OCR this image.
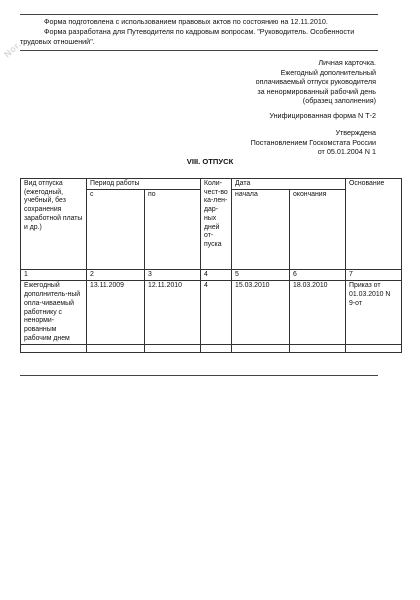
Nor...

Форма подготовлена с использованием правовых актов по состоянию на 12.11.2010.

Форма разработана для Путеводителя по кадровым вопросам. "Руководитель. Особенности трудовых отношений".

Личная карточка.
Ежегодный дополнительный
оплачиваемый отпуск руководителя
за ненормированный рабочий день
(образец заполнения)
Унифицированная форма N Т-2
Утверждена
Постановлением Госкомстата России
от 05.01.2004 N 1
VIII. ОТПУСК
Вид отпуска (ежегодный, учебный, без сохранения заработной платы и др.)	Период работы		Коли-чест-во ка-лен-дар-ных дней от-пуска	Дата		Основание
	с	по		начала	окончания	
1	2	3	4	5	6	7
Ежегодный дополнитель-ный опла-чиваемый работнику с ненорми-рованным рабочим днем	13.11.2009	12.11.2010	4	15.03.2010	18.03.2010	Приказ от 01.03.2010 N 9-от
